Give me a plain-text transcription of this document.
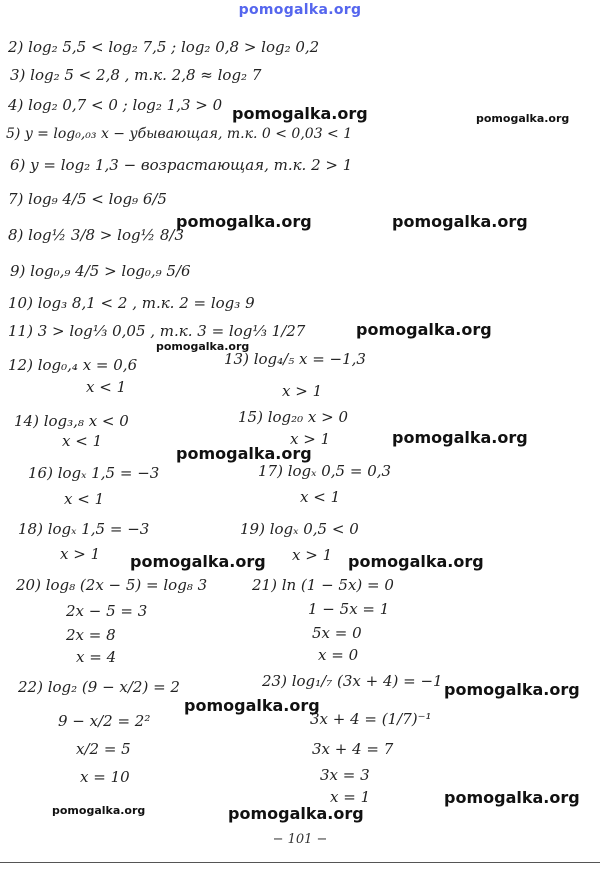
pomogalka.org
2) log₂ 5,5 < log₂ 7,5 ; log₂ 0,8 > log₂ 0,2
3) log₂ 5 < 2,8 , т.к. 2,8 ≈ log₂ 7
4) log₂ 0,7 < 0 ; log₂ 1,3 > 0
5) y = log₀,₀₃ x − убывающая, т.к. 0 < 0,03 < 1
6) y = log₂ 1,3 − возрастающая, т.к. 2 > 1
7) log₉ 4/5 < log₉ 6/5
8) log½ 3/8 > log½ 8/3
9) log₀,₉ 4/5 > log₀,₉ 5/6
10) log₃ 8,1 < 2 , т.к. 2 = log₃ 9
11) 3 > log⅓ 0,05 , т.к. 3 = log⅓ 1/27
12) log₀,₄ x = 0,6
x < 1
13) log₄/₅ x = −1,3
x > 1
14) log₃,₈ x < 0
x < 1
15) log₂₀ x > 0
x > 1
16) logₓ 1,5 = −3
x < 1
17) logₓ 0,5 = 0,3
x < 1
18) logₓ 1,5 = −3
x > 1
19) logₓ 0,5 < 0
x > 1
20) log₈ (2x − 5) = log₈ 3
2x − 5 = 3
2x = 8
x = 4
21) ln (1 − 5x) = 0
1 − 5x = 1
5x = 0
x = 0
22) log₂ (9 − x/2) = 2
9 − x/2 = 2²
x/2 = 5
x = 10
23) log₁/₇ (3x + 4) = −1
3x + 4 = (1/7)⁻¹
3x + 4 = 7
3x = 3
x = 1
pomogalka.org	pomogalka.org
pomogalka.org	pomogalka.org
pomogalka.org
pomogalka.org
pomogalka.org
pomogalka.org
pomogalka.org	pomogalka.org
pomogalka.org
pomogalka.org
pomogalka.org
pomogalka.org	pomogalka.org
− 101 −
